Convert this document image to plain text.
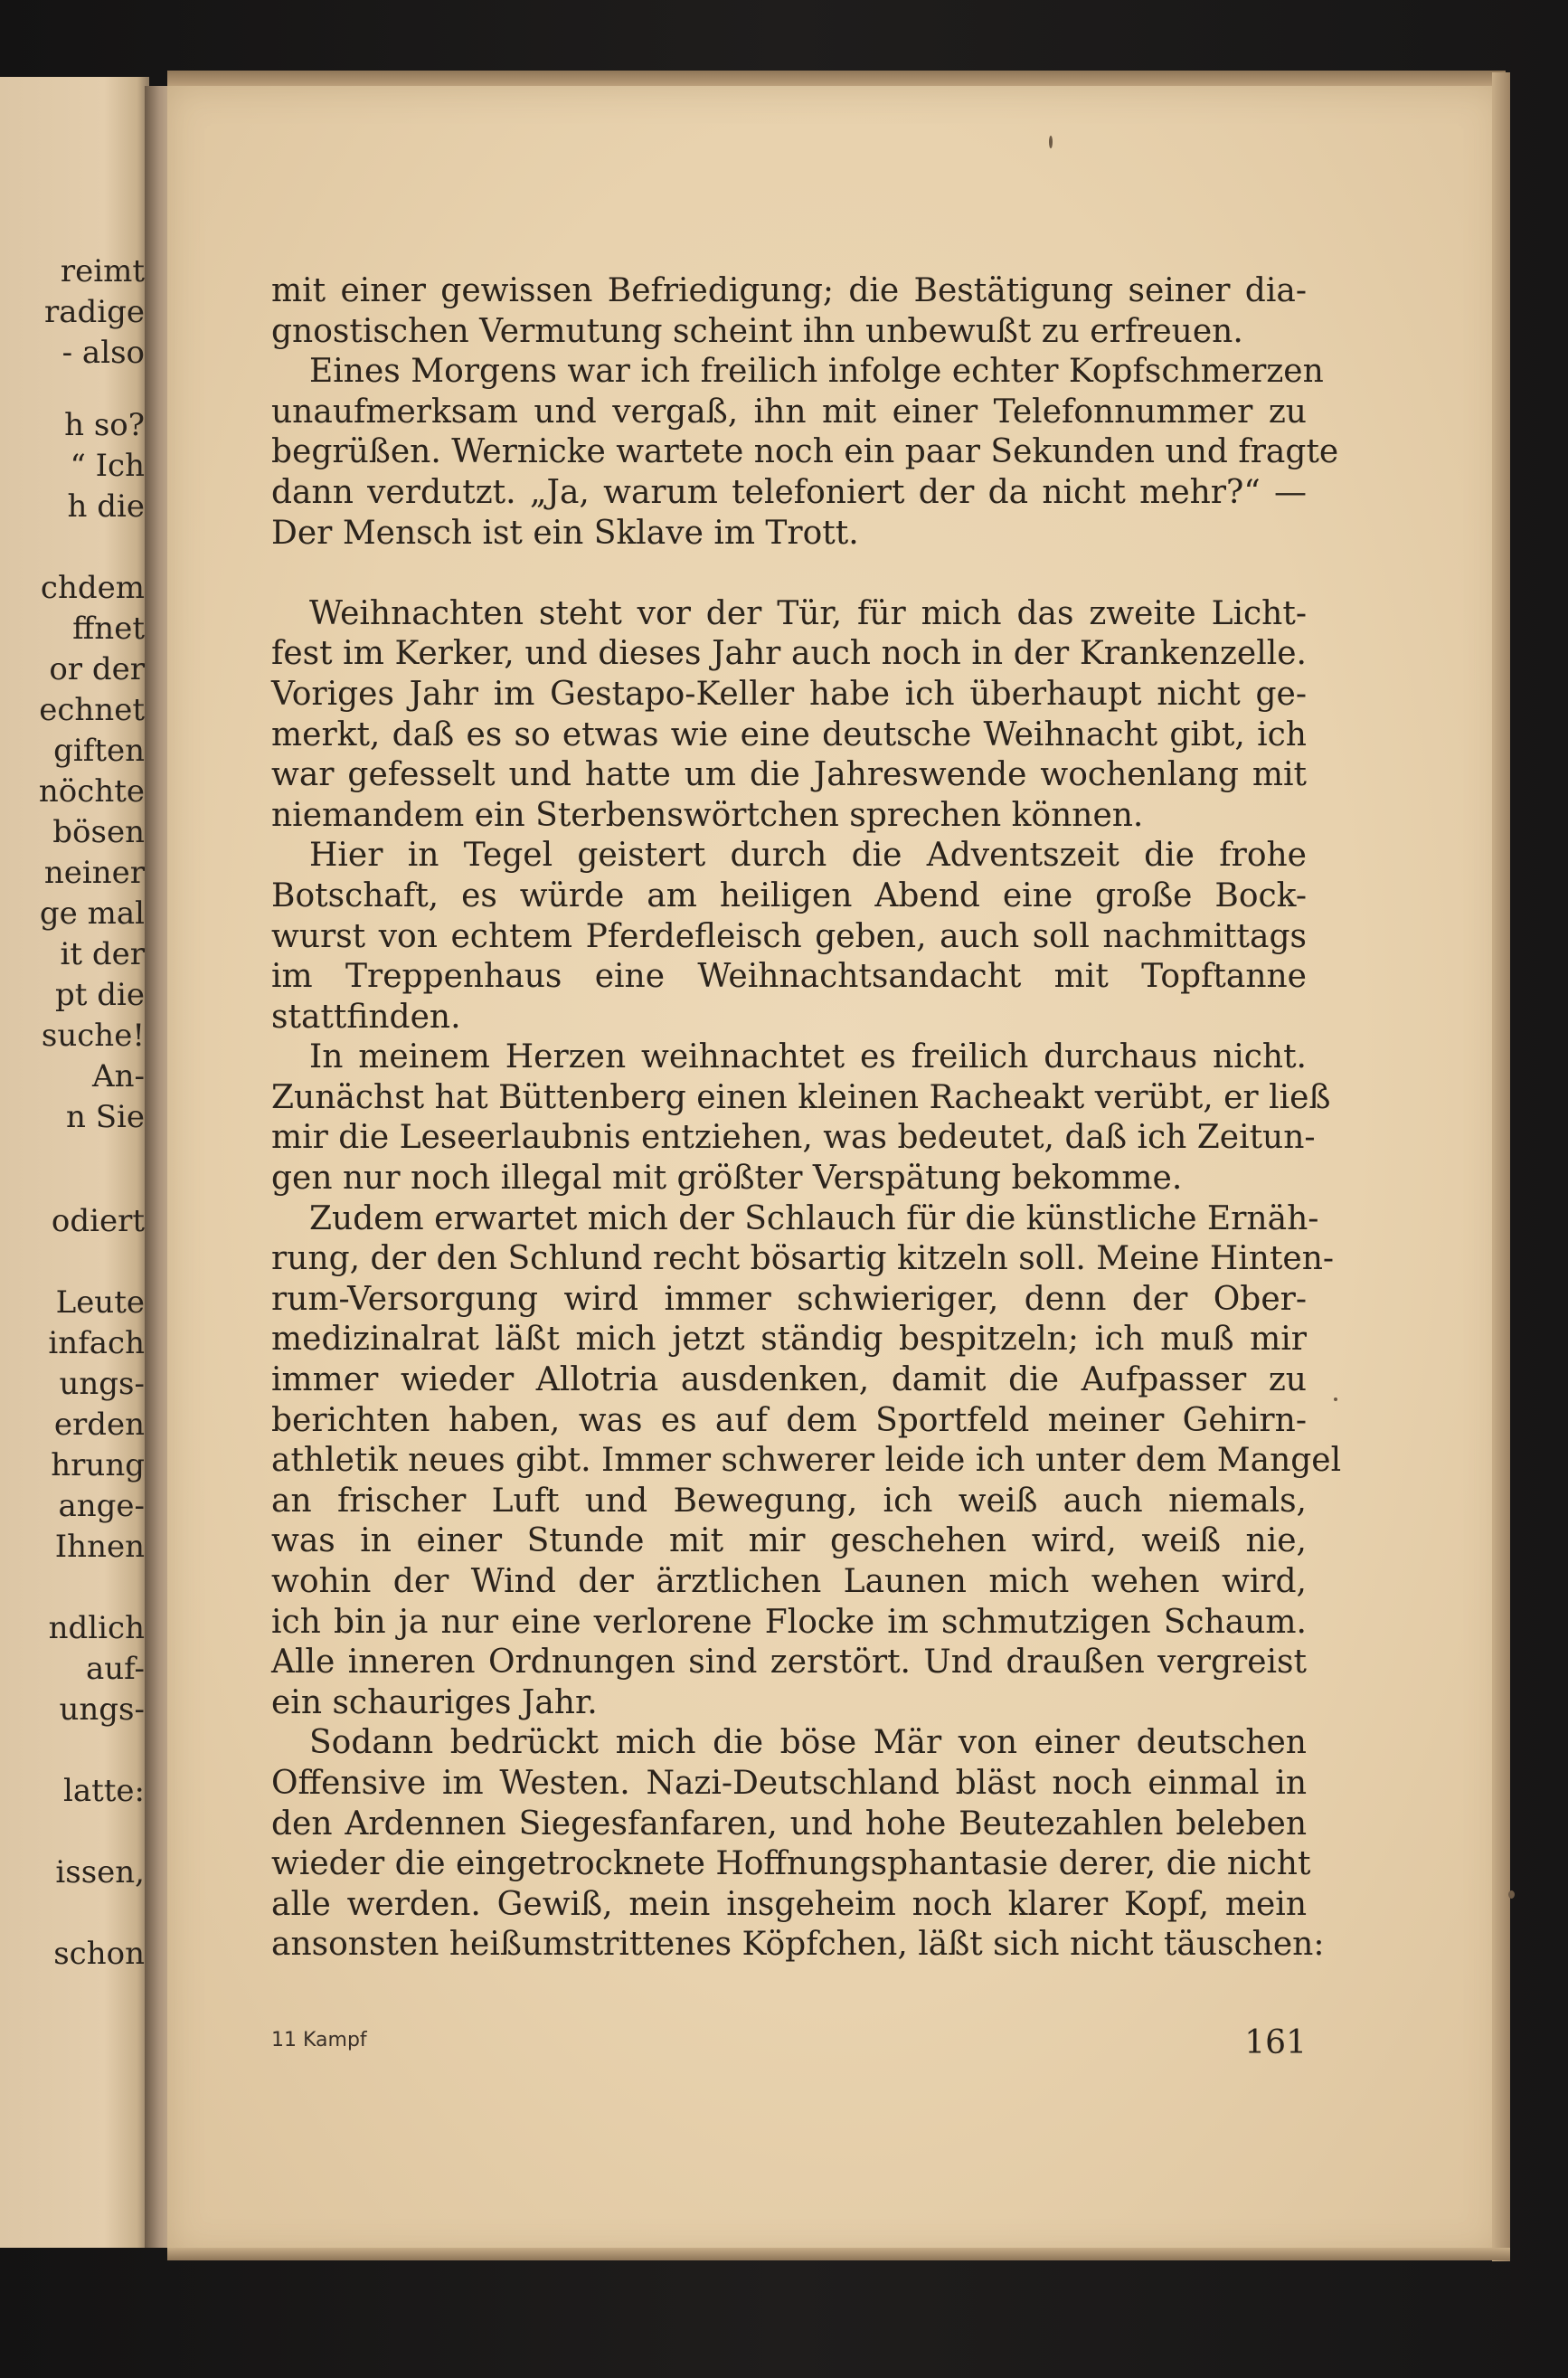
reimt
radige
- also
h so?
“ Ich
h die
chdem
ffnet
or der
echnet
giften
nöchte
bösen
neiner
ge mal
it der
pt die
suche!
An-
n Sie
odiert
Leute
infach
ungs-
erden
hrung
ange-
Ihnen
ndlich
auf-
ungs-
latte:
issen,
schon
mit einer gewissen Befriedigung; die Bestätigung seiner dia-
gnostischen Vermutung scheint ihn unbewußt zu erfreuen.
Eines Morgens war ich freilich infolge echter Kopfschmerzen
unaufmerksam und vergaß, ihn mit einer Telefonnummer zu
begrüßen. Wernicke wartete noch ein paar Sekunden und fragte
dann verdutzt. „Ja, warum telefoniert der da nicht mehr?“ —
Der Mensch ist ein Sklave im Trott.
Weihnachten steht vor der Tür, für mich das zweite Licht-
fest im Kerker, und dieses Jahr auch noch in der Krankenzelle.
Voriges Jahr im Gestapo-Keller habe ich überhaupt nicht ge-
merkt, daß es so etwas wie eine deutsche Weihnacht gibt, ich
war gefesselt und hatte um die Jahreswende wochenlang mit
niemandem ein Sterbenswörtchen sprechen können.
Hier in Tegel geistert durch die Adventszeit die frohe
Botschaft, es würde am heiligen Abend eine große Bock-
wurst von echtem Pferdefleisch geben, auch soll nachmittags
im Treppenhaus eine Weihnachtsandacht mit Topftanne
stattfinden.
In meinem Herzen weihnachtet es freilich durchaus nicht.
Zunächst hat Büttenberg einen kleinen Racheakt verübt, er ließ
mir die Leseerlaubnis entziehen, was bedeutet, daß ich Zeitun-
gen nur noch illegal mit größter Verspätung bekomme.
Zudem erwartet mich der Schlauch für die künstliche Ernäh-
rung, der den Schlund recht bösartig kitzeln soll. Meine Hinten-
rum-Versorgung wird immer schwieriger, denn der Ober-
medizinalrat läßt mich jetzt ständig bespitzeln; ich muß mir
immer wieder Allotria ausdenken, damit die Aufpasser zu
berichten haben, was es auf dem Sportfeld meiner Gehirn-
athletik neues gibt. Immer schwerer leide ich unter dem Mangel
an frischer Luft und Bewegung, ich weiß auch niemals,
was in einer Stunde mit mir geschehen wird, weiß nie,
wohin der Wind der ärztlichen Launen mich wehen wird,
ich bin ja nur eine verlorene Flocke im schmutzigen Schaum.
Alle inneren Ordnungen sind zerstört. Und draußen vergreist
ein schauriges Jahr.
Sodann bedrückt mich die böse Mär von einer deutschen
Offensive im Westen. Nazi-Deutschland bläst noch einmal in
den Ardennen Siegesfanfaren, und hohe Beutezahlen beleben
wieder die eingetrocknete Hoffnungsphantasie derer, die nicht
alle werden. Gewiß, mein insgeheim noch klarer Kopf, mein
ansonsten heißumstrittenes Köpfchen, läßt sich nicht täuschen:
11 Kampf	161
